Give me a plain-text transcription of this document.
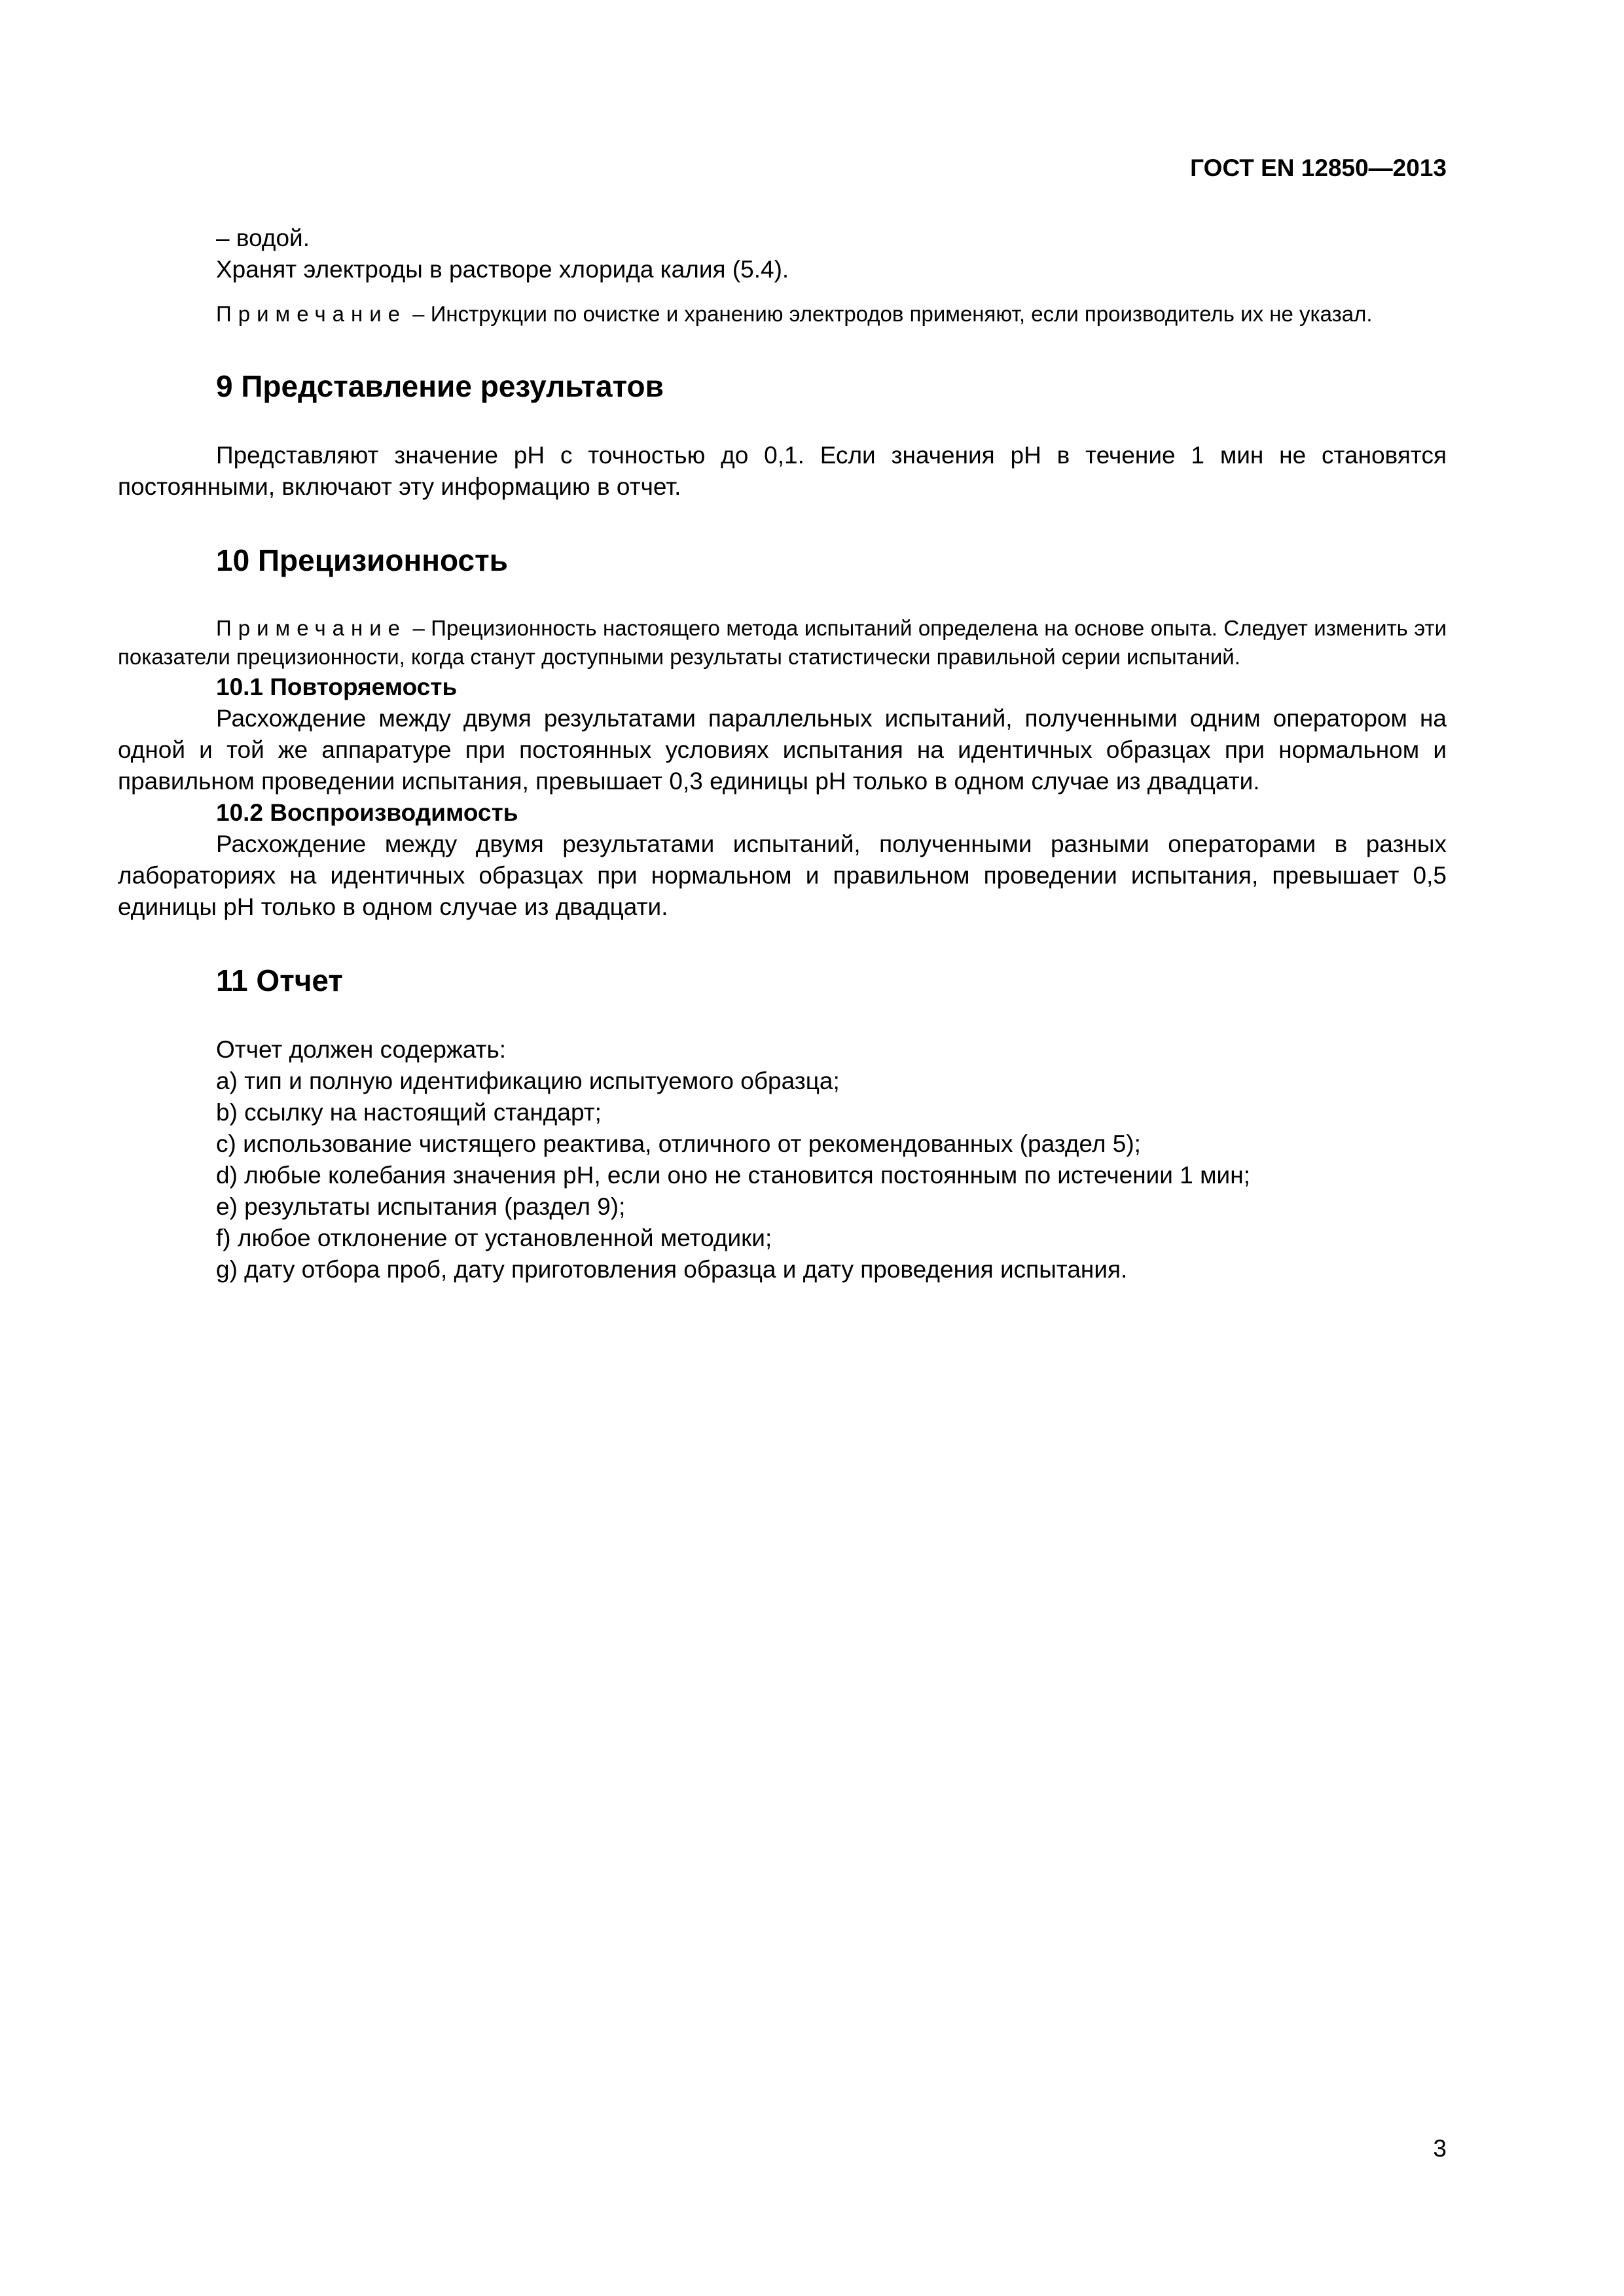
ГОСТ EN 12850—2013

– водой.

Хранят электроды в растворе хлорида калия (5.4).

Примечание – Инструкции по очистке и хранению электродов применяют, если производитель их не указал.

9 Представление результатов

Представляют значение pH с точностью до 0,1. Если значения pH в течение 1 мин не становятся постоянными, включают эту информацию в отчет.

10 Прецизионность

Примечание – Прецизионность настоящего метода испытаний определена на основе опыта. Следует изменить эти показатели прецизионности, когда станут доступными результаты статистически правильной серии испытаний.

10.1 Повторяемость

Расхождение между двумя результатами параллельных испытаний, полученными одним оператором на одной и той же аппаратуре при постоянных условиях испытания на идентичных образцах при нормальном и правильном проведении испытания, превышает 0,3 единицы pH только в одном случае из двадцати.

10.2 Воспроизводимость

Расхождение между двумя результатами испытаний, полученными разными операторами в разных лабораториях на идентичных образцах при нормальном и правильном проведении испытания, превышает 0,5 единицы pH только в одном случае из двадцати.

11 Отчет
Отчет должен содержать:
a) тип и полную идентификацию испытуемого образца;
b) ссылку на настоящий стандарт;
c) использование чистящего реактива, отличного от рекомендованных (раздел 5);
d) любые колебания значения pH, если оно не становится постоянным по истечении 1 мин;
e) результаты испытания (раздел 9);
f) любое отклонение от установленной методики;
g) дату отбора проб, дату приготовления образца и дату проведения испытания.
3
